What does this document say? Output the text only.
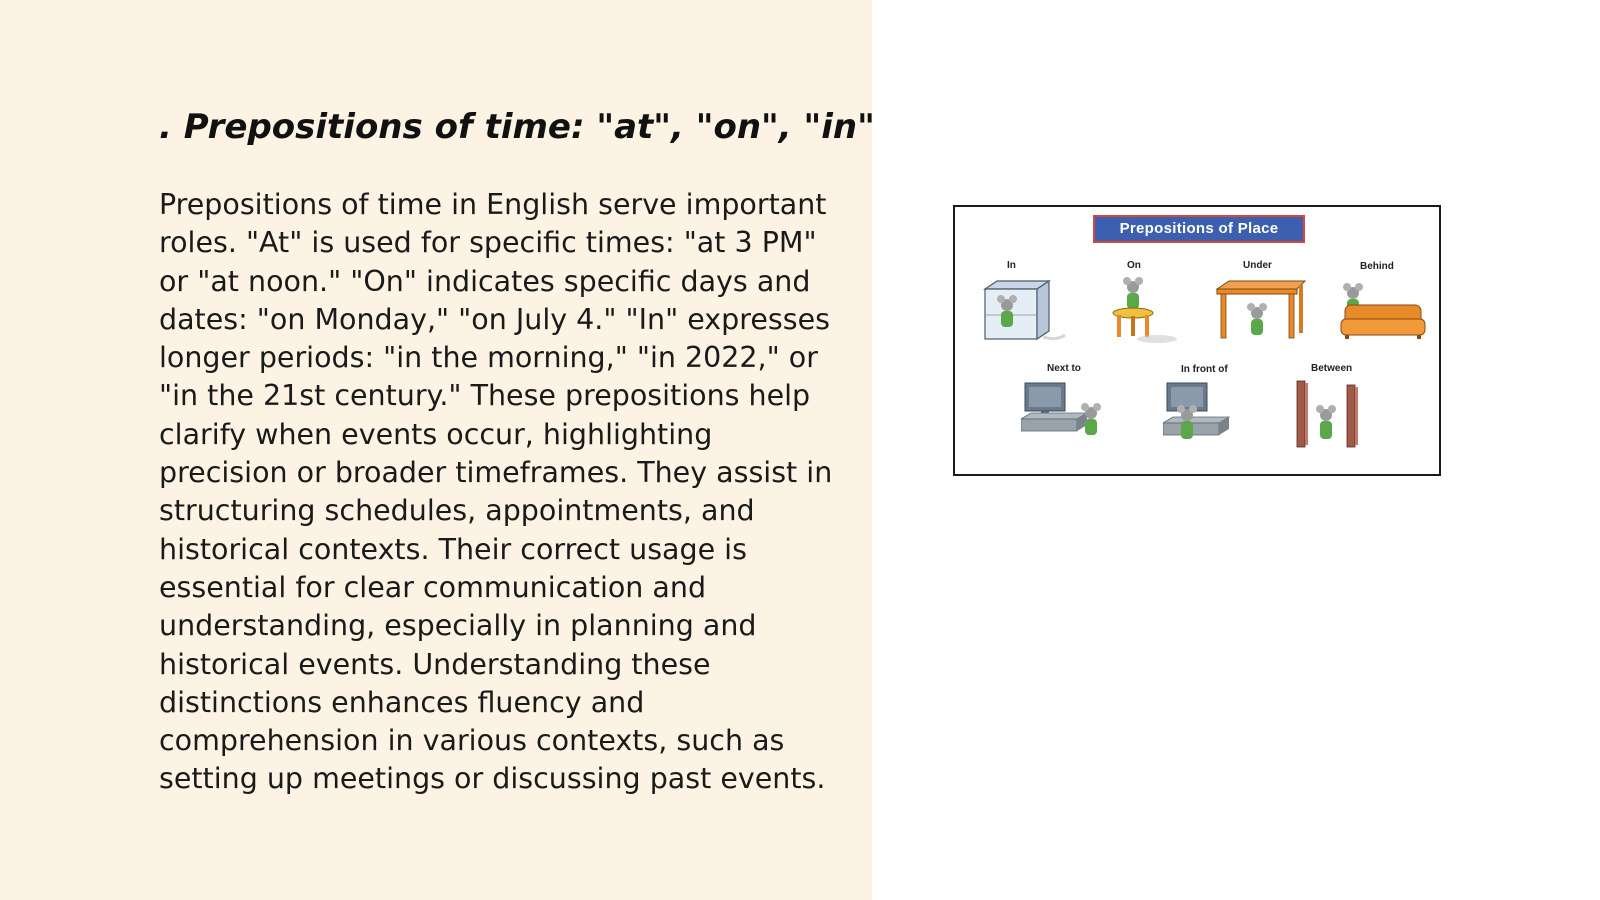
. Prepositions of time: "at", "on", "in"

Prepositions of time in English serve important roles. "At" is used for specific times: "at 3 PM" or "at noon." "On" indicates specific days and dates: "on Monday," "on July 4." "In" expresses longer periods: "in the morning," "in 2022," or "in the 21st century." These prepositions help clarify when events occur, highlighting precision or broader timeframes. They assist in structuring schedules, appointments, and historical contexts. Their correct usage is essential for clear communication and understanding, especially in planning and historical events. Understanding these distinctions enhances fluency and comprehension in various contexts, such as setting up meetings or discussing past events.

Prepositions of Place
In	On	Under	Behind
Next to	In front of	Between
